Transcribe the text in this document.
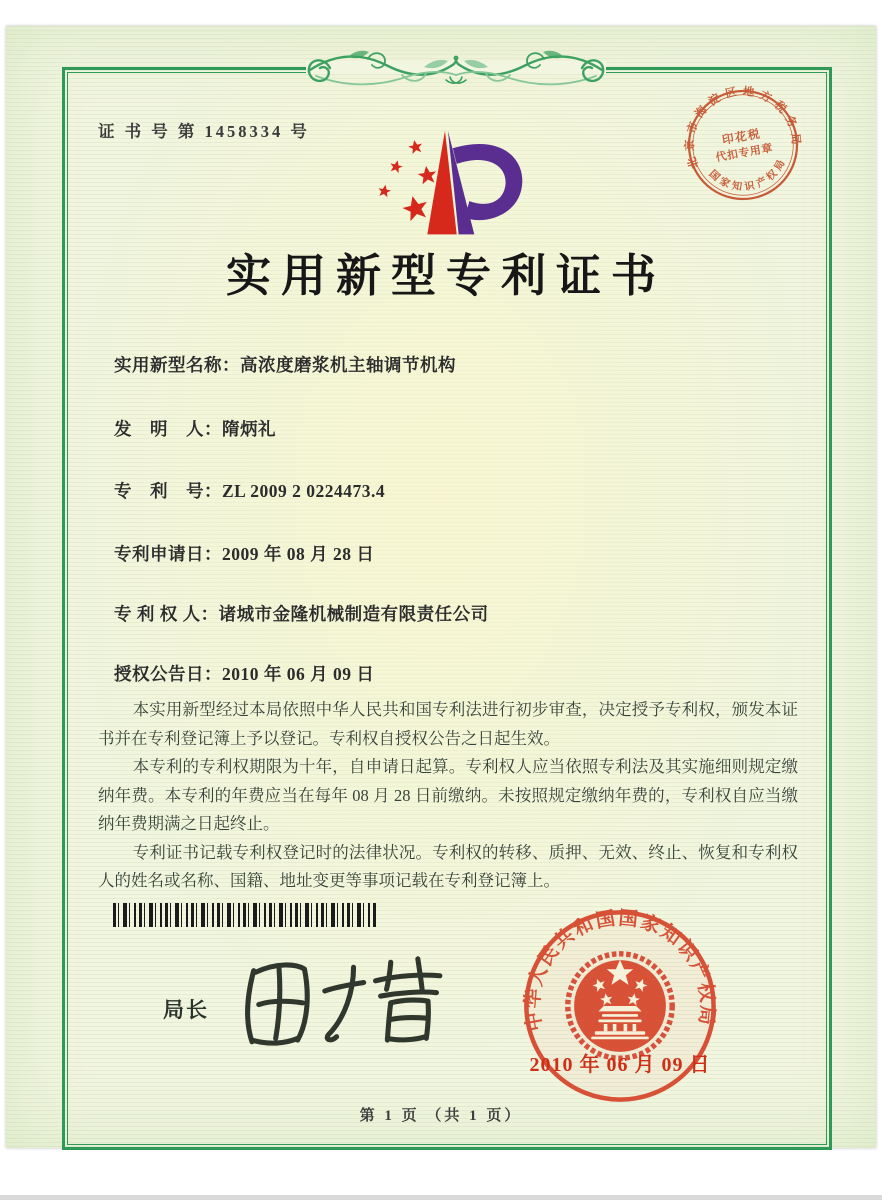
证 书 号 第 1458334 号
北京市海淀区地方税务局
国家知识产权局
印花税
代扣专用章
实用新型专利证书
实用新型名称：高浓度磨浆机主轴调节机构
发　明　人：隋炳礼
专　利　号：ZL 2009 2 0224473.4
专利申请日：2009 年 08 月 28 日
专 利 权 人：诸城市金隆机械制造有限责任公司
授权公告日：2010 年 06 月 09 日

本实用新型经过本局依照中华人民共和国专利法进行初步审查，决定授予专利权，颁发本证书并在专利登记簿上予以登记。专利权自授权公告之日起生效。

本专利的专利权期限为十年，自申请日起算。专利权人应当依照专利法及其实施细则规定缴纳年费。本专利的年费应当在每年 08 月 28 日前缴纳。未按照规定缴纳年费的，专利权自应当缴纳年费期满之日起终止。

专利证书记载专利权登记时的法律状况。专利权的转移、质押、无效、终止、恢复和专利权人的姓名或名称、国籍、地址变更等事项记载在专利登记簿上。

局长	中华人民共和国国家知识产权局
2010 年 06 月 09 日
第 1 页 （共 1 页）
